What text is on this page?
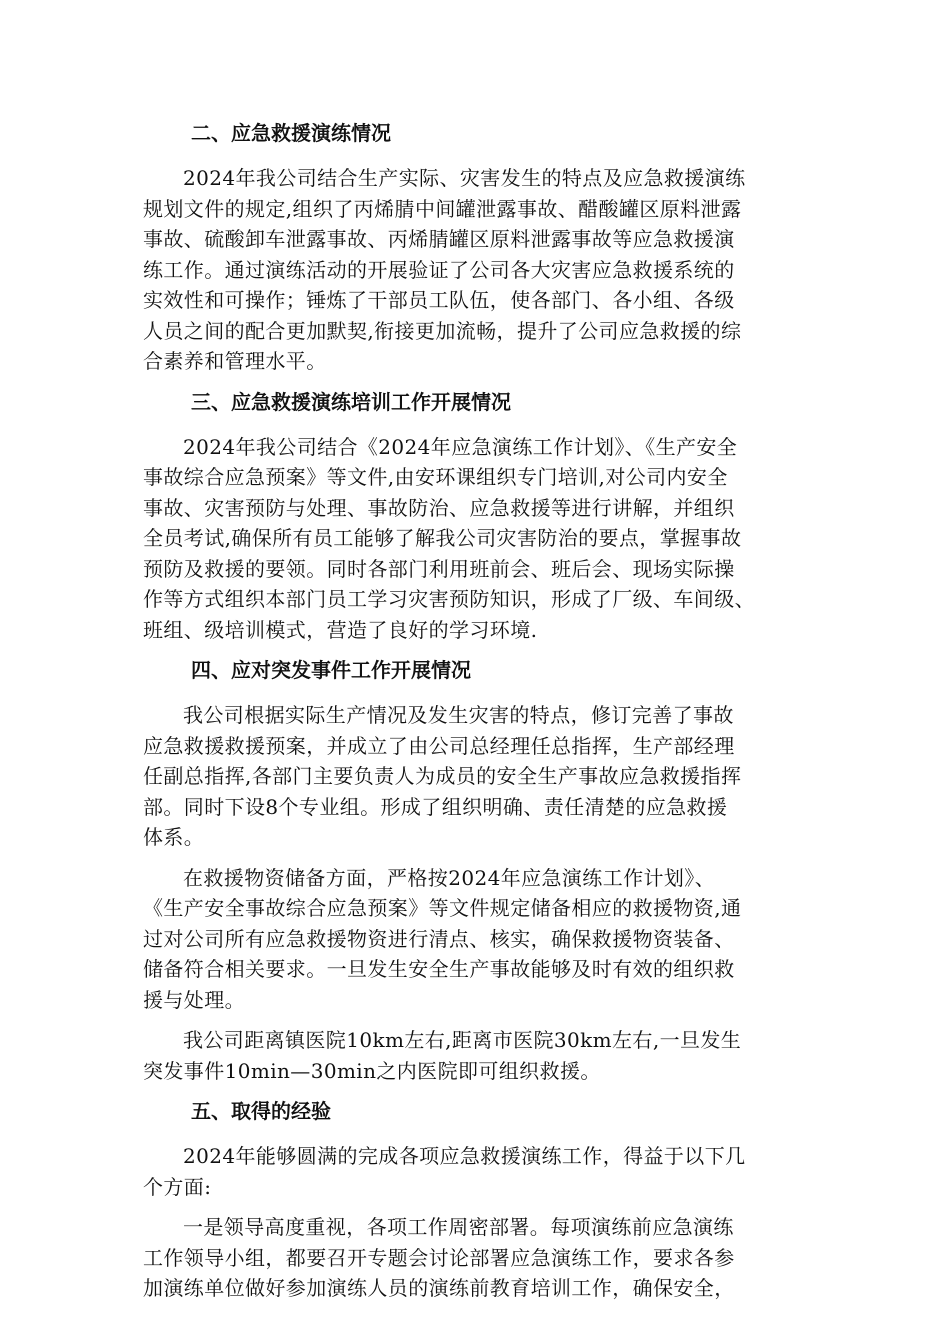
二、应急救援演练情况
2024年我公司结合生产实际、灾害发生的特点及应急救援演练
规划文件的规定,组织了丙烯腈中间罐泄露事故、醋酸罐区原料泄露
事故、硫酸卸车泄露事故、丙烯腈罐区原料泄露事故等应急救援演
练工作。通过演练活动的开展验证了公司各大灾害应急救援系统的
实效性和可操作；锤炼了干部员工队伍，使各部门、各小组、各级
人员之间的配合更加默契,衔接更加流畅，提升了公司应急救援的综
合素养和管理水平。
三、应急救援演练培训工作开展情况
2024年我公司结合《2024年应急演练工作计划》、《生产安全
事故综合应急预案》等文件,由安环课组织专门培训,对公司内安全
事故、灾害预防与处理、事故防治、应急救援等进行讲解，并组织
全员考试,确保所有员工能够了解我公司灾害防治的要点，掌握事故
预防及救援的要领。同时各部门利用班前会、班后会、现场实际操
作等方式组织本部门员工学习灾害预防知识，形成了厂级、车间级、
班组、级培训模式，营造了良好的学习环境.
四、应对突发事件工作开展情况
我公司根据实际生产情况及发生灾害的特点，修订完善了事故
应急救援救援预案，并成立了由公司总经理任总指挥，生产部经理
任副总指挥,各部门主要负责人为成员的安全生产事故应急救援指挥
部。同时下设8个专业组。形成了组织明确、责任清楚的应急救援
体系。
在救援物资储备方面，严格按2024年应急演练工作计划》、
《生产安全事故综合应急预案》等文件规定储备相应的救援物资,通
过对公司所有应急救援物资进行清点、核实，确保救援物资装备、
储备符合相关要求。一旦发生安全生产事故能够及时有效的组织救
援与处理。
我公司距离镇医院10km左右,距离市医院30km左右,一旦发生
突发事件10min—30min之内医院即可组织救援。
五、取得的经验
2024年能够圆满的完成各项应急救援演练工作，得益于以下几
个方面:
一是领导高度重视，各项工作周密部署。每项演练前应急演练
工作领导小组，都要召开专题会讨论部署应急演练工作，要求各参
加演练单位做好参加演练人员的演练前教育培训工作，确保安全，
